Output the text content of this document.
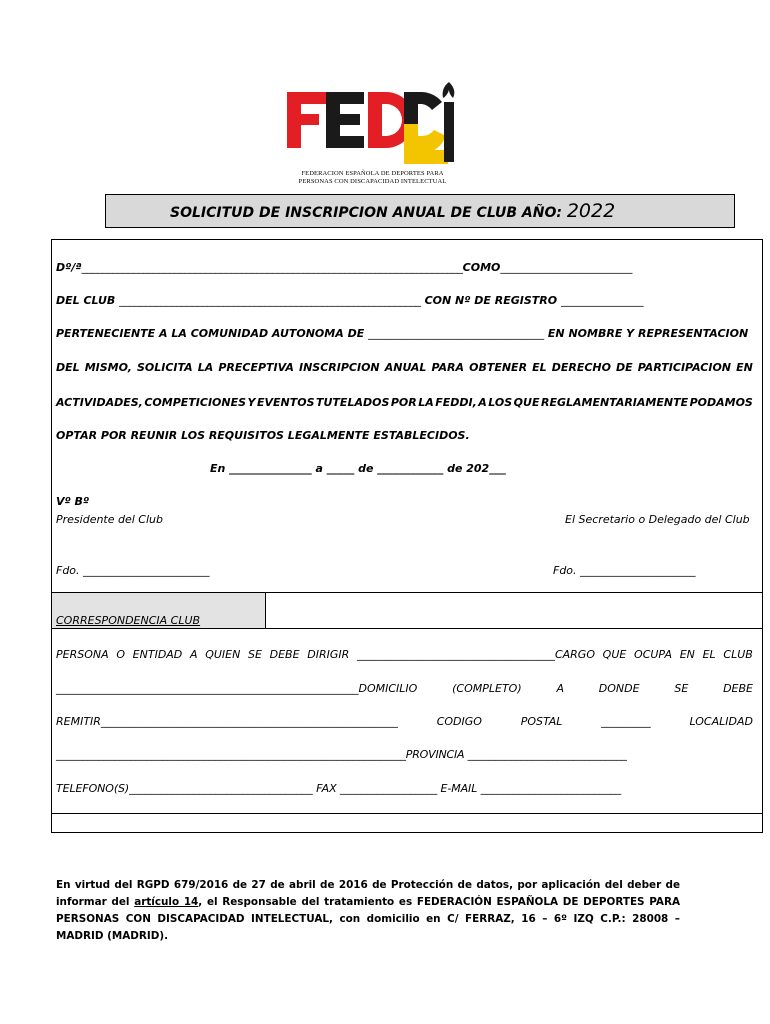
FEDERACION ESPAÑOLA DE DEPORTES PARA
PERSONAS CON DISCAPACIDAD INTELECTUAL
SOLICITUD DE INSCRIPCION ANUAL DE CLUB AÑO: 2022
Dº/ª__________________________________________________________________________COMO________________________
DEL CLUB __________________________________________________________ CON Nº DE REGISTRO _______________
PERTENECIENTE A LA COMUNIDAD AUTONOMA DE ________________________________ EN NOMBRE Y REPRESENTACION
DEL MISMO, SOLICITA LA PRECEPTIVA INSCRIPCION ANUAL PARA OBTENER EL DERECHO DE PARTICIPACION EN
ACTIVIDADES, COMPETICIONES Y EVENTOS TUTELADOS POR LA FEDDI, A LOS QUE REGLAMENTARIAMENTE PODAMOS
OPTAR POR REUNIR LOS REQUISITOS LEGALMENTE ESTABLECIDOS.
En _______________ a _____ de ____________ de 202___
Vº Bº
Presidente del Club	El Secretario o Delegado del Club
Fdo. _______________________	Fdo. _____________________
CORRESPONDENCIA CLUB
PERSONA O ENTIDAD A QUIEN SE DEBE DIRIGIR ____________________________________CARGO QUE OCUPA EN EL CLUB
_______________________________________________________DOMICILIO	(COMPLETO)	A	DONDE	SE	DEBE
REMITIR______________________________________________________	CODIGO	POSTAL	_________	LOCALIDAD
__________________________________________________________________PROVINCIA ______________________________
TELEFONO(S)__________________________________ FAX __________________ E-MAIL __________________________
En virtud del RGPD 679/2016 de 27 de abril de 2016 de Protección de datos, por aplicación del deber de informar del artículo 14, el Responsable del tratamiento es FEDERACIÓN ESPAÑOLA DE DEPORTES PARA PERSONAS CON DISCAPACIDAD INTELECTUAL, con domicilio en C/ FERRAZ, 16 – 6º IZQ C.P.: 28008 – MADRID (MADRID).
